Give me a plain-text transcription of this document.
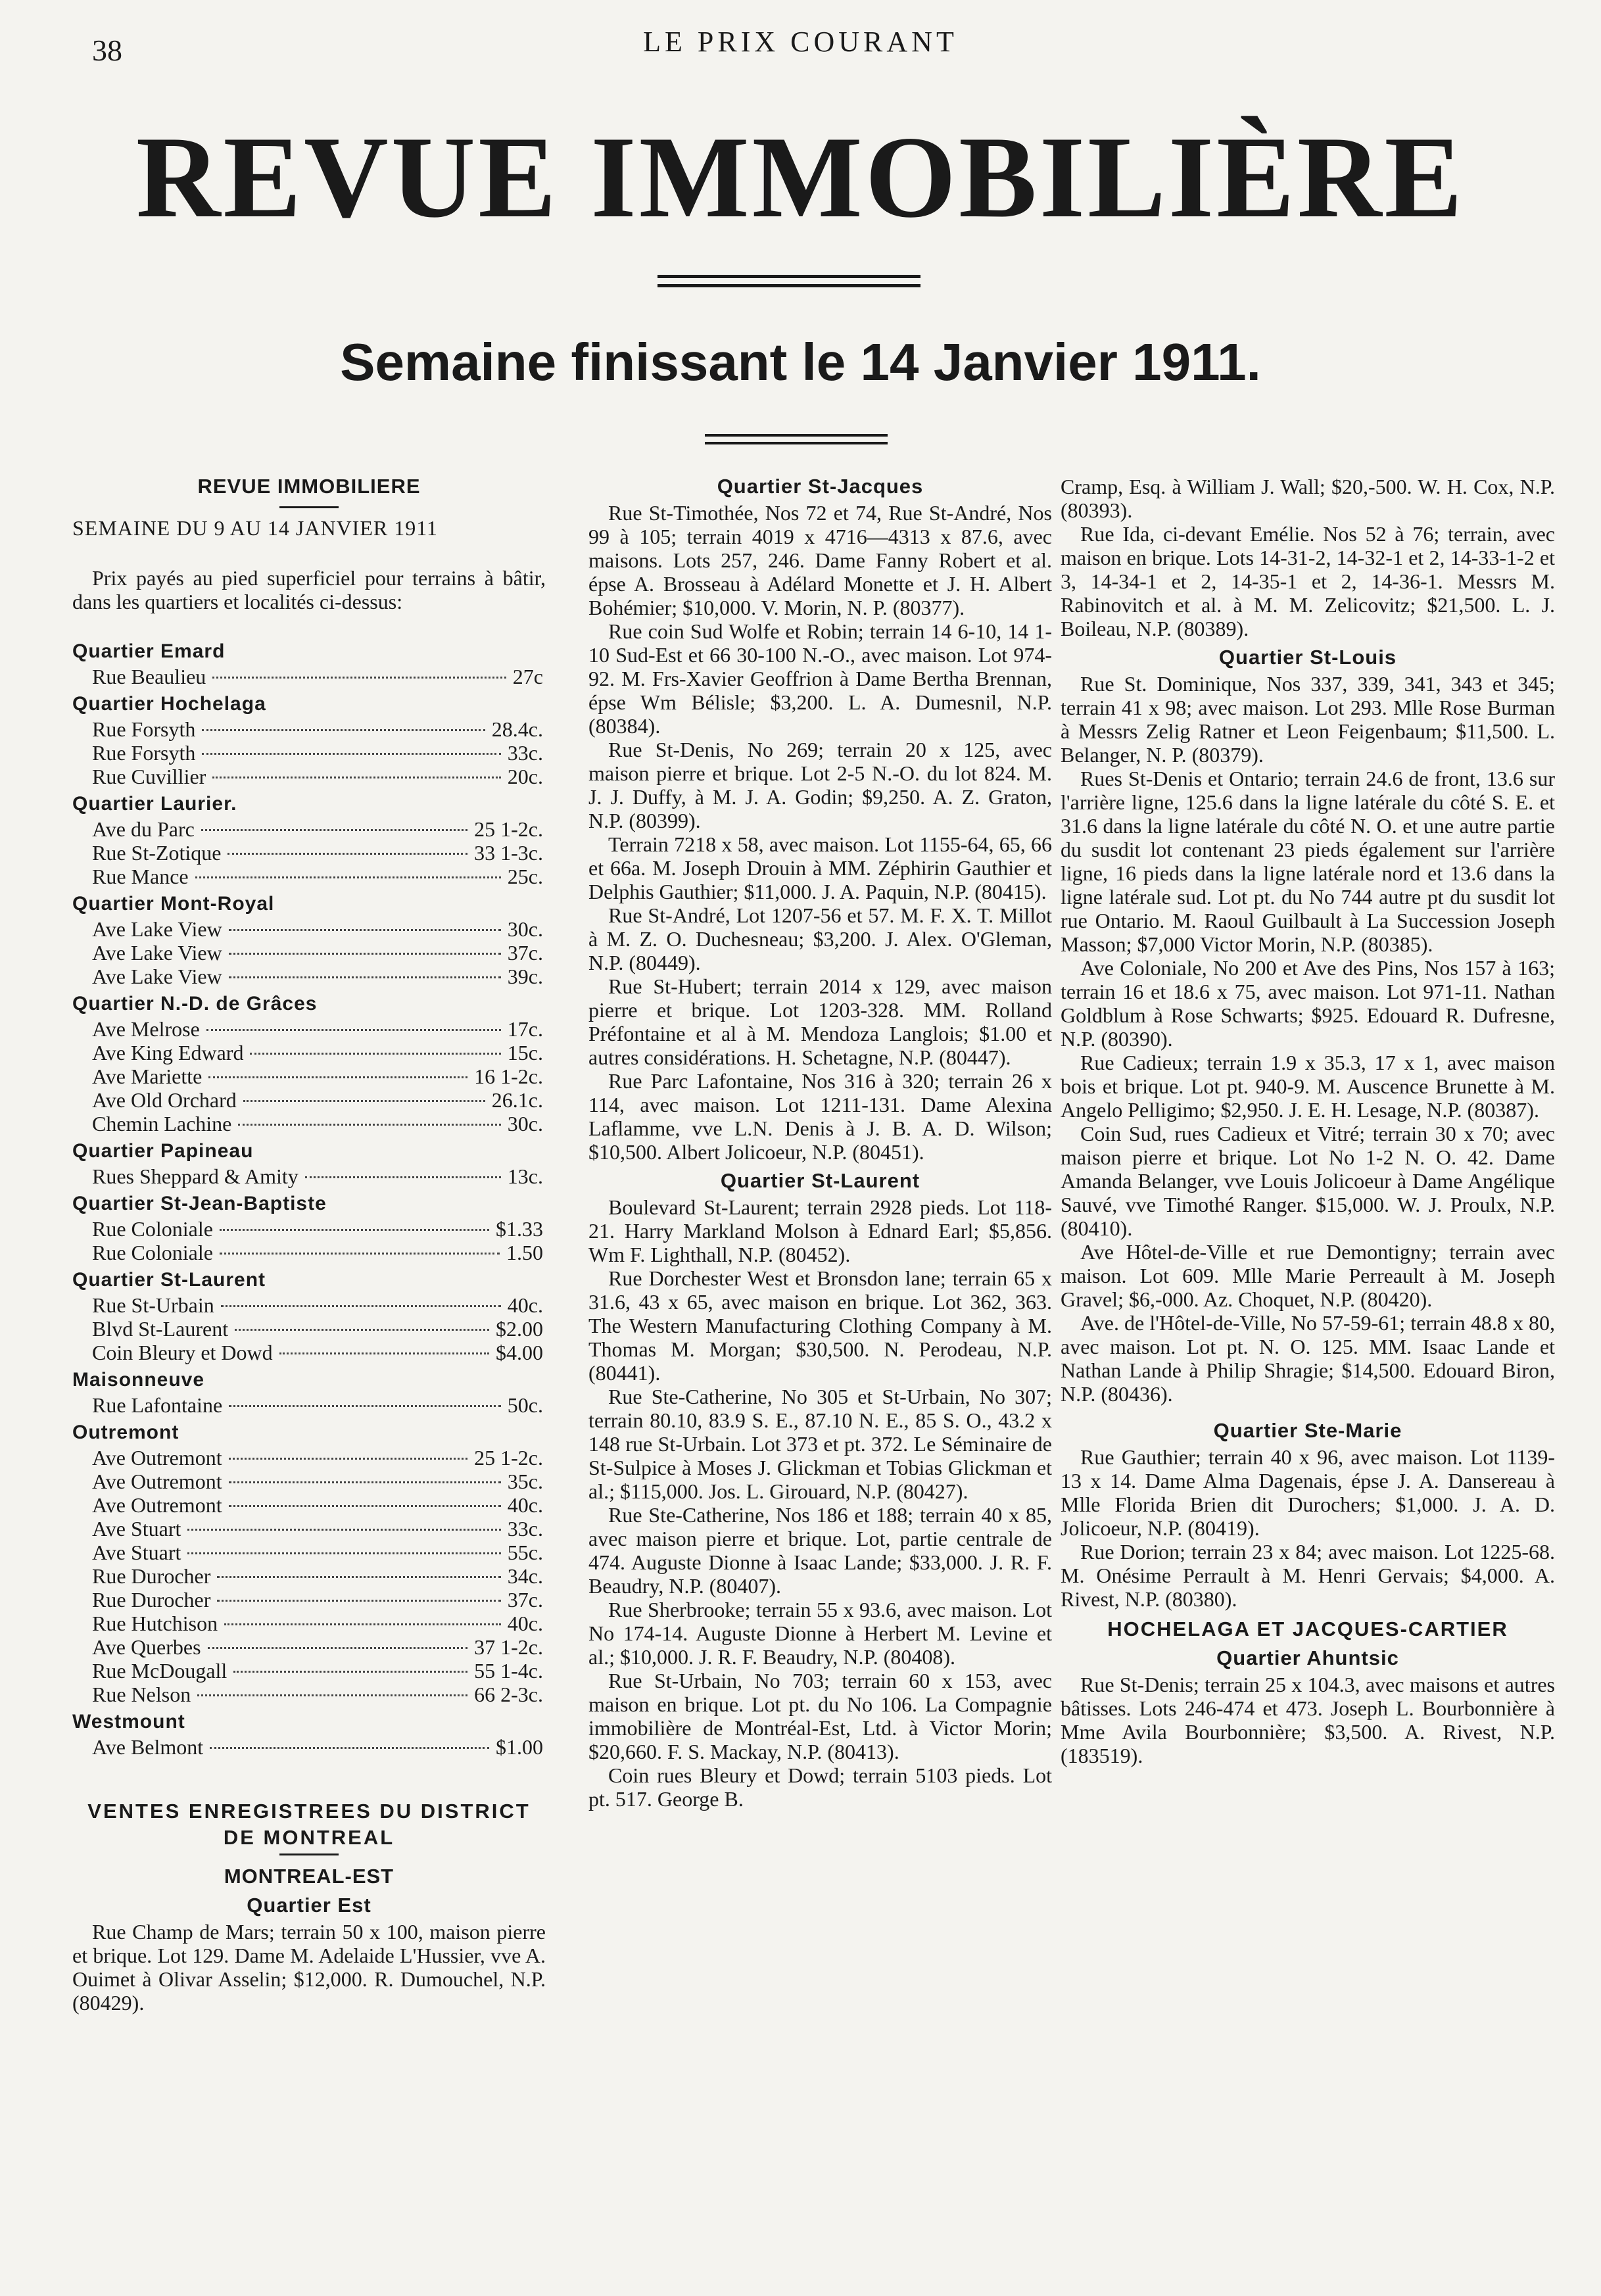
38	LE PRIX COURANT
REVUE IMMOBILIÈRE
Semaine finissant le 14 Janvier 1911.
REVUE IMMOBILIERE

SEMAINE DU 9 AU 14 JANVIER 1911

Prix payés au pied superficiel pour terrains à bâtir, dans les quartiers et localités ci-dessus:

Quartier Emard
Rue Beaulieu	27c
Quartier Hochelaga
Rue Forsyth	28.4c.
Rue Forsyth	33c.
Rue Cuvillier	20c.
Quartier Laurier.
Ave du Parc	25 1-2c.
Rue St-Zotique	33 1-3c.
Rue Mance	25c.
Quartier Mont-Royal
Ave Lake View	30c.
Ave Lake View	37c.
Ave Lake View	39c.
Quartier N.-D. de Grâces
Ave Melrose	17c.
Ave King Edward	15c.
Ave Mariette	16 1-2c.
Ave Old Orchard	26.1c.
Chemin Lachine	30c.
Quartier Papineau
Rues Sheppard & Amity	13c.
Quartier St-Jean-Baptiste
Rue Coloniale	$1.33
Rue Coloniale	1.50
Quartier St-Laurent
Rue St-Urbain	40c.
Blvd St-Laurent	$2.00
Coin Bleury et Dowd	$4.00
Maisonneuve
Rue Lafontaine	50c.
Outremont
Ave Outremont	25 1-2c.
Ave Outremont	35c.
Ave Outremont	40c.
Ave Stuart	33c.
Ave Stuart	55c.
Rue Durocher	34c.
Rue Durocher	37c.
Rue Hutchison	40c.
Ave Querbes	37 1-2c.
Rue McDougall	55 1-4c.
Rue Nelson	66 2-3c.
Westmount
Ave Belmont	$1.00
VENTES ENREGISTREES DU DISTRICT DE MONTREAL
MONTREAL-EST
Quartier Est

Rue Champ de Mars; terrain 50 x 100, maison pierre et brique. Lot 129. Dame M. Adelaide L'Hussier, vve A. Ouimet à Olivar Asselin; $12,000. R. Dumouchel, N.P. (80429).

Quartier St-Jacques

Rue St-Timothée, Nos 72 et 74, Rue St-André, Nos 99 à 105; terrain 4019 x 4716—4313 x 87.6, avec maisons. Lots 257, 246. Dame Fanny Robert et al. épse A. Brosseau à Adélard Monette et J. H. Albert Bohémier; $10,000. V. Morin, N. P. (80377).

Rue coin Sud Wolfe et Robin; terrain 14 6-10, 14 1-10 Sud-Est et 66 30-100 N.-O., avec maison. Lot 974-92. M. Frs-Xavier Geoffrion à Dame Bertha Brennan, épse Wm Bélisle; $3,200. L. A. Dumesnil, N.P. (80384).

Rue St-Denis, No 269; terrain 20 x 125, avec maison pierre et brique. Lot 2-5 N.-O. du lot 824. M. J. J. Duffy, à M. J. A. Godin; $9,250. A. Z. Graton, N.P. (80399).

Terrain 7218 x 58, avec maison. Lot 1155-64, 65, 66 et 66a. M. Joseph Drouin à MM. Zéphirin Gauthier et Delphis Gauthier; $11,000. J. A. Paquin, N.P. (80415).

Rue St-André, Lot 1207-56 et 57. M. F. X. T. Millot à M. Z. O. Duchesneau; $3,200. J. Alex. O'Gleman, N.P. (80449).

Rue St-Hubert; terrain 2014 x 129, avec maison pierre et brique. Lot 1203-328. MM. Rolland Préfontaine et al à M. Mendoza Langlois; $1.00 et autres considérations. H. Schetagne, N.P. (80447).

Rue Parc Lafontaine, Nos 316 à 320; terrain 26 x 114, avec maison. Lot 1211-131. Dame Alexina Laflamme, vve L.N. Denis à J. B. A. D. Wilson; $10,500. Albert Jolicoeur, N.P. (80451).

Quartier St-Laurent

Boulevard St-Laurent; terrain 2928 pieds. Lot 118-21. Harry Markland Molson à Ednard Earl; $5,856. Wm F. Lighthall, N.P. (80452).

Rue Dorchester West et Bronsdon lane; terrain 65 x 31.6, 43 x 65, avec maison en brique. Lot 362, 363. The Western Manufacturing Clothing Company à M. Thomas M. Morgan; $30,500. N. Perodeau, N.P. (80441).

Rue Ste-Catherine, No 305 et St-Urbain, No 307; terrain 80.10, 83.9 S. E., 87.10 N. E., 85 S. O., 43.2 x 148 rue St-Urbain. Lot 373 et pt. 372. Le Séminaire de St-Sulpice à Moses J. Glickman et Tobias Glickman et al.; $115,000. Jos. L. Girouard, N.P. (80427).

Rue Ste-Catherine, Nos 186 et 188; terrain 40 x 85, avec maison pierre et brique. Lot, partie centrale de 474. Auguste Dionne à Isaac Lande; $33,000. J. R. F. Beaudry, N.P. (80407).

Rue Sherbrooke; terrain 55 x 93.6, avec maison. Lot No 174-14. Auguste Dionne à Herbert M. Levine et al.; $10,000. J. R. F. Beaudry, N.P. (80408).

Rue St-Urbain, No 703; terrain 60 x 153, avec maison en brique. Lot pt. du No 106. La Compagnie immobilière de Montréal-Est, Ltd. à Victor Morin; $20,660. F. S. Mackay, N.P. (80413).

Coin rues Bleury et Dowd; terrain 5103 pieds. Lot pt. 517. George B.

Cramp, Esq. à William J. Wall; $20,-500. W. H. Cox, N.P. (80393).

Rue Ida, ci-devant Emélie. Nos 52 à 76; terrain, avec maison en brique. Lots 14-31-2, 14-32-1 et 2, 14-33-1-2 et 3, 14-34-1 et 2, 14-35-1 et 2, 14-36-1. Messrs M. Rabinovitch et al. à M. M. Zelicovitz; $21,500. L. J. Boileau, N.P. (80389).

Quartier St-Louis

Rue St. Dominique, Nos 337, 339, 341, 343 et 345; terrain 41 x 98; avec maison. Lot 293. Mlle Rose Burman à Messrs Zelig Ratner et Leon Feigenbaum; $11,500. L. Belanger, N. P. (80379).

Rues St-Denis et Ontario; terrain 24.6 de front, 13.6 sur l'arrière ligne, 125.6 dans la ligne latérale du côté S. E. et 31.6 dans la ligne latérale du côté N. O. et une autre partie du susdit lot contenant 23 pieds également sur l'arrière ligne, 16 pieds dans la ligne latérale nord et 13.6 dans la ligne latérale sud. Lot pt. du No 744 autre pt du susdit lot rue Ontario. M. Raoul Guilbault à La Succession Joseph Masson; $7,000 Victor Morin, N.P. (80385).

Ave Coloniale, No 200 et Ave des Pins, Nos 157 à 163; terrain 16 et 18.6 x 75, avec maison. Lot 971-11. Nathan Goldblum à Rose Schwarts; $925. Edouard R. Dufresne, N.P. (80390).

Rue Cadieux; terrain 1.9 x 35.3, 17 x 1, avec maison bois et brique. Lot pt. 940-9. M. Auscence Brunette à M. Angelo Pelligimo; $2,950. J. E. H. Lesage, N.P. (80387).

Coin Sud, rues Cadieux et Vitré; terrain 30 x 70; avec maison pierre et brique. Lot No 1-2 N. O. 42. Dame Amanda Belanger, vve Louis Jolicoeur à Dame Angélique Sauvé, vve Timothé Ranger. $15,000. W. J. Proulx, N.P. (80410).

Ave Hôtel-de-Ville et rue Demontigny; terrain avec maison. Lot 609. Mlle Marie Perreault à M. Joseph Gravel; $6,-000. Az. Choquet, N.P. (80420).

Ave. de l'Hôtel-de-Ville, No 57-59-61; terrain 48.8 x 80, avec maison. Lot pt. N. O. 125. MM. Isaac Lande et Nathan Lande à Philip Shragie; $14,500. Edouard Biron, N.P. (80436).

Quartier Ste-Marie

Rue Gauthier; terrain 40 x 96, avec maison. Lot 1139-13 x 14. Dame Alma Dagenais, épse J. A. Dansereau à Mlle Florida Brien dit Durochers; $1,000. J. A. D. Jolicoeur, N.P. (80419).

Rue Dorion; terrain 23 x 84; avec maison. Lot 1225-68. M. Onésime Perrault à M. Henri Gervais; $4,000. A. Rivest, N.P. (80380).

HOCHELAGA ET JACQUES-CARTIER
Quartier Ahuntsic

Rue St-Denis; terrain 25 x 104.3, avec maisons et autres bâtisses. Lots 246-474 et 473. Joseph L. Bourbonnière à Mme Avila Bourbonnière; $3,500. A. Rivest, N.P. (183519).
